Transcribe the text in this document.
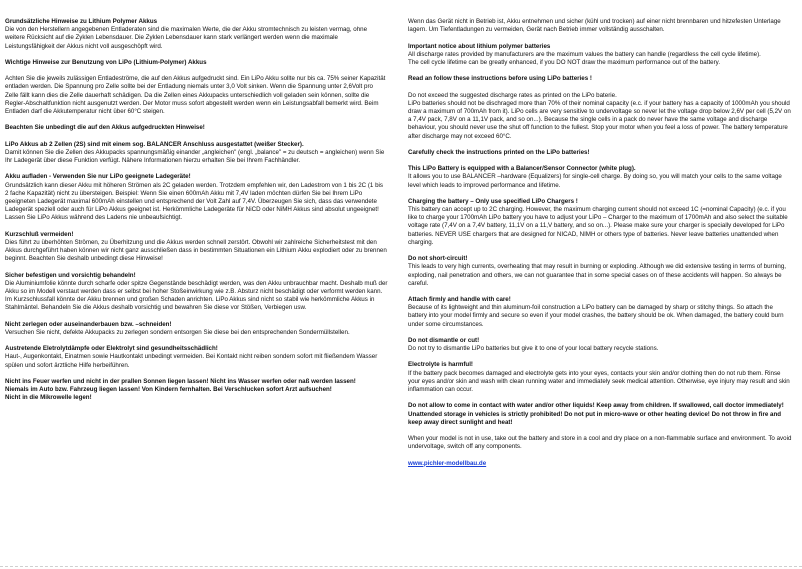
Grundsätzliche Hinweise zu Lithium Polymer Akkus
Die von den Herstellern angegebenen Entladeraten sind die maximalen Werte, die der Akku stromtechnisch zu leisten vermag, ohne weitere Rücksicht auf die Zyklen Lebensdauer. Die Zyklen Lebensdauer kann stark verlängert werden wenn die maximale Leistungsfähigkeit der Akkus nicht voll ausgeschöpft wird.
Wichtige Hinweise zur Benutzung von LiPo (Lithium-Polymer) Akkus
Achten Sie die jeweils zulässigen Entladeströme, die auf den Akkus aufgedruckt sind. Ein LiPo Akku sollte nur bis ca. 75% seiner Kapazität entladen werden. Die Spannung pro Zelle sollte bei der Entladung niemals unter 3,0 Volt sinken. Wenn die Spannung unter 2,6Volt pro Zelle fällt kann dies die Zelle dauerhaft schädigen. Da die Zellen eines Akkupacks unterschiedlich voll geladen sein können, sollte die Regler-Abschaltfunktion nicht ausgenutzt werden. Der Motor muss sofort abgestellt werden wenn ein Leistungsabfall bemerkt wird. Beim Entladen darf die Akkutemperatur nicht über 60°C steigen.
Beachten Sie unbedingt die auf den Akkus aufgedruckten Hinweise!
LiPo Akkus ab 2 Zellen (2S) sind mit einem sog. BALANCER Anschluss ausgestattet (weißer Stecker).
Damit können Sie die Zellen des Akkupacks spannungsmäßig einander „angleichen" (engl. „balance" = zu deutsch = angleichen) wenn Sie Ihr Ladegerät über diese Funktion verfügt. Nähere Informationen hierzu erhalten Sie bei Ihrem Fachhändler.
Akku aufladen - Verwenden Sie nur LiPo geeignete Ladegeräte!
Grundsätzlich kann dieser Akku mit höheren Strömen als 2C geladen werden. Trotzdem empfehlen wir, den Ladestrom von 1 bis 2C (1 bis 2 fache Kapazität) nicht zu übersteigen. Beispiel: Wenn Sie einen 600mAh Akku mit 7,4V laden möchten dürfen Sie bei Ihrem LiPo geeigneten Ladegerät maximal 600mAh einstellen und entsprechend der Volt Zahl auf 7,4V. Überzeugen Sie sich, dass das verwendete Ladegerät speziell oder auch für LiPo Akkus geeignet ist. Herkömmliche Ladegeräte für NiCD oder NiMH Akkus sind absolut ungeeignet! Lassen Sie LiPo Akkus während des Ladens nie unbeaufsichtigt.
Kurzschluß vermeiden!
Dies führt zu überhöhten Strömen, zu Überhitzung und die Akkus werden schnell zerstört. Obwohl wir zahlreiche Sicherheitstest mit den Akkus durchgeführt haben können wir nicht ganz ausschließen dass in bestimmten Situationen ein Lithium Akku explodiert oder zu brennen beginnt. Beachten Sie deshalb unbedingt diese Hinweise!
Sicher befestigen und vorsichtig behandeln!
Die Aluminiumfolie könnte durch scharfe oder spitze Gegenstände beschädigt werden, was den Akku unbrauchbar macht. Deshalb muß der Akku so im Modell verstaut werden dass er selbst bei hoher Stoßeinwirkung wie z.B. Absturz nicht beschädigt oder verformt werden kann. Im Kurzschlussfall könnte der Akku brennen und großen Schaden anrichten. LiPo Akkus sind nicht so stabil wie herkömmliche Akkus in Stahlmäntel. Behandeln Sie die Akkus deshalb vorsichtig und bewahren Sie diese vor Stößen, Verbiegen usw.
Nicht zerlegen oder auseinanderbauen bzw. –schneiden!
Versuchen Sie nicht, defekte Akkupacks zu zerlegen sondern entsorgen Sie diese bei den entsprechenden Sondermüllstellen.
Austretende Eletrolytdämpfe oder Elektrolyt sind gesundheitsschädlich!
Haut-, Augenkontakt, Einatmen sowie Hautkontakt unbedingt vermeiden. Bei Kontakt nicht reiben sondern sofort mit fließendem Wasser spülen und sofort ärztliche Hilfe herbeiführen.
Nicht ins Feuer werfen und nicht in der prallen Sonnen liegen lassen! Nicht ins Wasser werfen oder naß werden lassen!
Niemals im Auto bzw. Fahrzeug liegen lassen! Von Kindern fernhalten. Bei Verschlucken sofort Arzt aufsuchen!
Nicht in die Mikrowelle legen!
Wenn das Gerät nicht in Betrieb ist, Akku entnehmen und sicher (kühl und trocken) auf einer nicht brennbaren und hitzefesten Unterlage lagern. Um Tiefentladungen zu vermeiden, Gerät nach Betrieb immer vollständig ausschalten.
Important notice about lithium polymer batteries
All discharge rates provided by manufacturers are the maximum values the battery can handle (regardless the cell cycle lifetime).
The cell cycle lifetime can be greatly enhanced, if you DO NOT draw the maximum performance out of the battery.
Read an follow these instructions before using LiPo batteries !
Do not exceed the suggested discharge rates as printed on the LiPo baterie.
LiPo batteries should not be dischraged more than 70% of their nominal capacity (e.c. if your battery has a capacity of 1000mAh you should draw a maximum of 700mAh from it). LiPo cells are very sensitive to undervoltage so never let the voltage drop below 2,6V per cell (5,2V on a 7,4V pack, 7,8V on a 11,1V pack, and so on...). Because the single cells in a pack do never have the same voltage and discharge behaviour, you should never use the shut off function to the fullest. Stop your motor when you feel a loss of power. The battery temperature after discharge may not exceed 60°C.
Carefully check the instructions printed on the LiPo batteries!
This LiPo Battery is equipped with a Balancer/Sensor Connector (white plug).
It allows you to use BALANCER –hardware (Equalizers) for single-cell charge. By doing so, you will match your cells to the same voltage level which leads to improved performance and lifetime.
Charging the battery – Only use specified LiPo Chargers !
This battery can accept up to 2C charging. However, the maximum charging current should not exceed 1C (=nominal Capacity) (e.c. if you like to charge your 1700mAh LiPo battery you have to adjust your LiPo – Charger to the maximum of 1700mAh and also select the suitable voltage rate (7,4V on a 7,4V battery, 11,1V on a 11,V battery, and so on...). Please make sure your charger is specially developed for LiPo batteries. NEVER USE chargers that are designed for NICAD, NIMH or others type of batteries. Never leave batteries unattended when charging.
Do not short-circuit!
This leads to very high currents, overheating that may result in burning or exploding. Although we did extensive testing in terms of burning, exploding, nail penetration and others, we can not guarantee that in some special cases on of these accidents will happen. So always be careful.
Attach firmly and handle with care!
Because of its lightweight and thin aluminum-foil construction a LiPo battery can be damaged by sharp or stitchy things. So attach the battery into your model firmly and secure so even if your model crashes, the battery should be ok. When damaged, the battery could burn under some circumstances.
Do not dismantle or cut!
Do not try to dismantle LiPo batteries but give it to one of your local battery recycle stations.
Electrolyte is harmful!
If the battery pack becomes damaged and electrolyte gets into your eyes, contacts your skin and/or clothing then do not rub them. Rinse your eyes and/or skin and wash with clean running water and immediately seek medical attention. Otherwise, eye injury may result and skin inflammation can occur.
Do not allow to come in contact with water and/or other liquids! Keep away from children. If swallowed, call doctor immediately! Unattended storage in vehicles is strictly prohibited! Do not put in micro-wave or other heating device! Do not throw in fire and keep away direct sunlight and heat!
When your model is not in use, take out the battery and store in a cool and dry place on a non-flammable surface and environment. To avoid undervoltage, switch off any components.
www.pichler-modellbau.de
